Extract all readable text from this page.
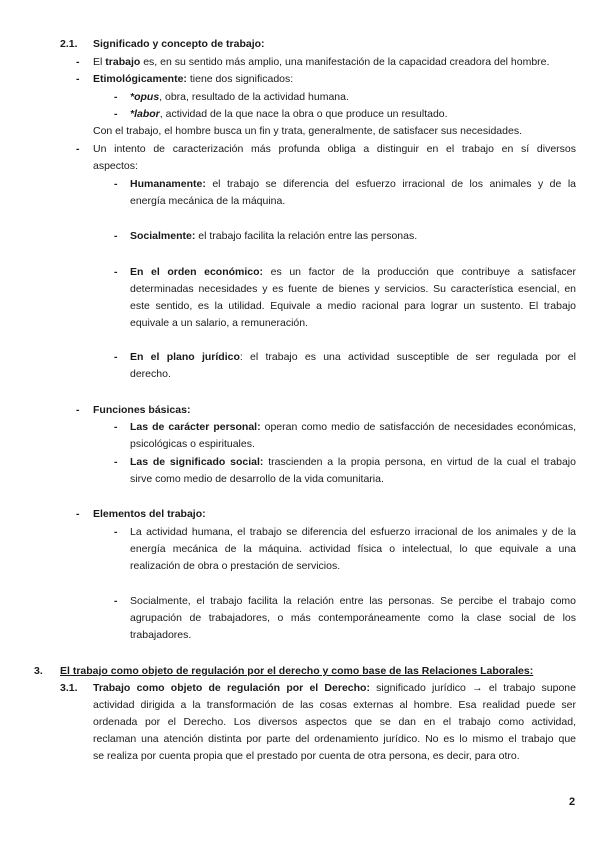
2.1. Significado y concepto de trabajo:
- El trabajo es, en su sentido más amplio, una manifestación de la capacidad creadora del hombre.
- Etimológicamente: tiene dos significados:
- *opus, obra, resultado de la actividad humana.
- *labor, actividad de la que nace la obra o que produce un resultado.
Con el trabajo, el hombre busca un fin y trata, generalmente, de satisfacer sus necesidades.
- Un intento de caracterización más profunda obliga a distinguir en el trabajo en sí diversos
aspectos:
- Humanamente: el trabajo se diferencia del esfuerzo irracional de los animales y de la
energía mecánica de la máquina.
- Socialmente: el trabajo facilita la relación entre las personas.
- En el orden económico: es un factor de la producción que contribuye a satisfacer
determinadas necesidades y es fuente de bienes y servicios. Su característica esencial, en
este sentido, es la utilidad. Equivale a medio racional para lograr un sustento. El trabajo
equivale a un salario, a remuneración.
- En el plano jurídico: el trabajo es una actividad susceptible de ser regulada por el
derecho.
- Funciones básicas:
- Las de carácter personal: operan como medio de satisfacción de necesidades económicas,
psicológicas o espirituales.
- Las de significado social: trascienden a la propia persona, en virtud de la cual el trabajo
sirve como medio de desarrollo de la vida comunitaria.
- Elementos del trabajo:
- La actividad humana, el trabajo se diferencia del esfuerzo irracional de los animales y de la
energía mecánica de la máquina. actividad física o intelectual, lo que equivale a una
realización de obra o prestación de servicios.
- Socialmente, el trabajo facilita la relación entre las personas. Se percibe el trabajo como
agrupación de trabajadores, o más contemporáneamente como la clase social de los
trabajadores.
3. El trabajo como objeto de regulación por el derecho y como base de las Relaciones Laborales:
3.1. Trabajo como objeto de regulación por el Derecho: significado jurídico → el trabajo supone
actividad dirigida a la transformación de las cosas externas al hombre. Esa realidad puede ser
ordenada por el Derecho. Los diversos aspectos que se dan en el trabajo como actividad,
reclaman una atención distinta por parte del ordenamiento jurídico. No es lo mismo el trabajo que
se realiza por cuenta propia que el prestado por cuenta de otra persona, es decir, para otro.
2
